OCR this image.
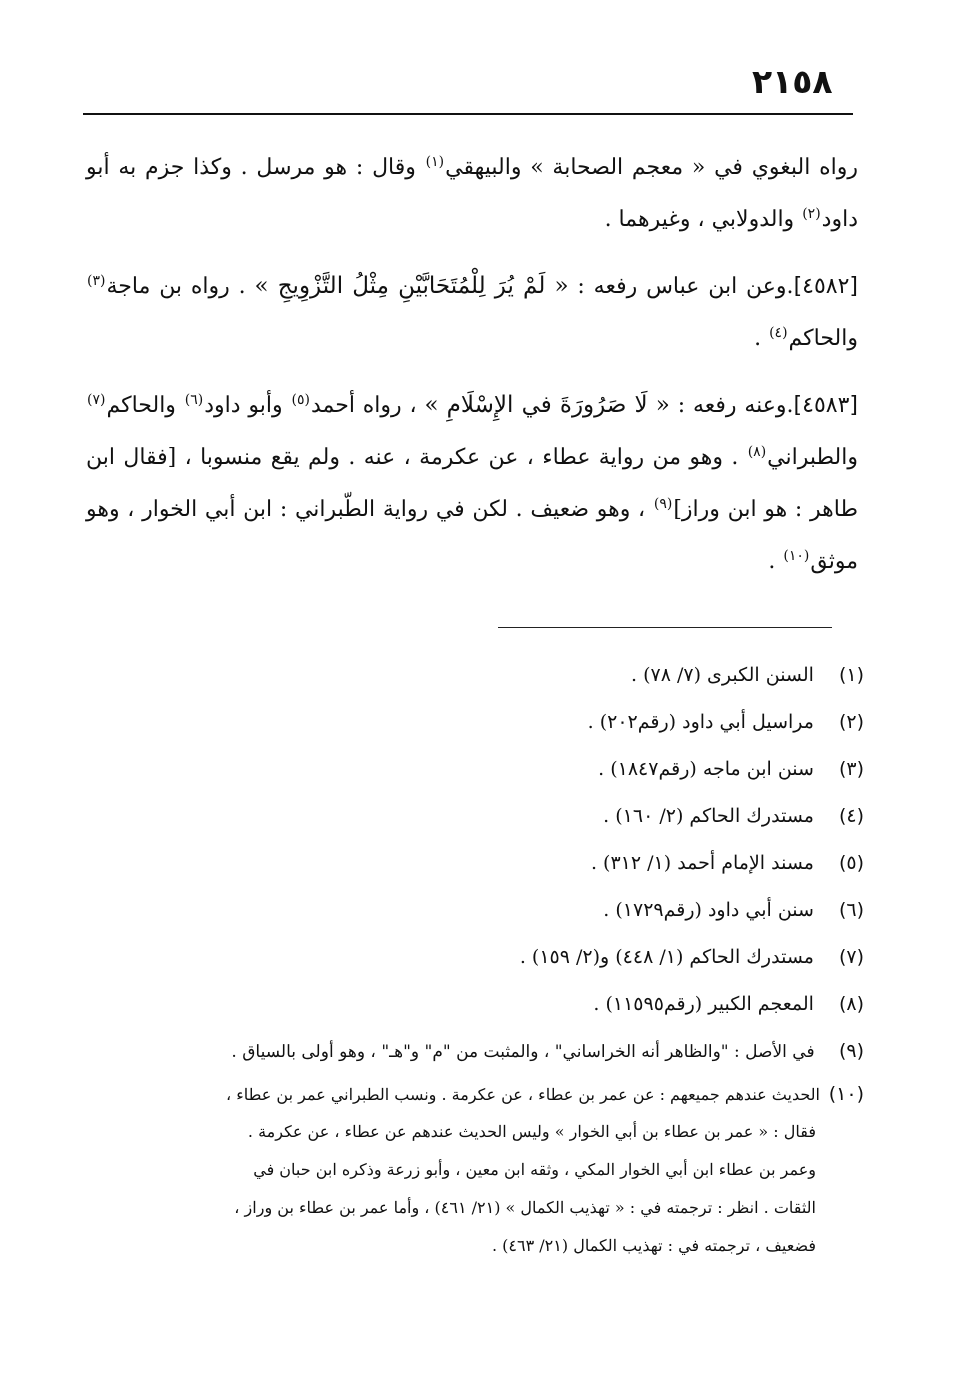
٢١٥٨

رواه البغوي في « معجم الصحابة » والبيهقي$^{(١)}$ وقال : هو مرسل . وكذا جزم به أبو داود$^{(٢)}$ والدولابي ، وغيرهما .

[٤٥٨٢].وعن ابن عباس رفعه : « لَمْ يُرَ لِلْمُتَحَابَّيْنِ مِثْلُ التَّزْوِيجِ » . رواه بن ماجة$^{(٣)}$ والحاكم$^{(٤)}$ .

[٤٥٨٣].وعنه رفعه : « لَا صَرُورَةَ في الإِسْلَامِ » ، رواه أحمد$^{(٥)}$ وأبو داود$^{(٦)}$ والحاكم$^{(٧)}$ والطبراني$^{(٨)}$ . وهو من رواية عطاء ، عن عكرمة ، عنه . ولم يقع منسوبا ، [فقال ابن طاهر : هو ابن وراز]$^{(٩)}$ ، وهو ضعيف . لكن في رواية الطّبراني : ابن أبي الخوار ، وهو موثق$^{(١٠)}$ .

(١) السنن الكبرى (٧/ ٧٨) .
(٢) مراسيل أبي داود (رقم٢٠٢) .
(٣) سنن ابن ماجه (رقم١٨٤٧) .
(٤) مستدرك الحاكم (٢/ ١٦٠) .
(٥) مسند الإمام أحمد (١/ ٣١٢) .
(٦) سنن أبي داود (رقم١٧٢٩) .
(٧) مستدرك الحاكم (١/ ٤٤٨) و(٢/ ١٥٩) .
(٨) المعجم الكبير (رقم١١٥٩٥) .
(٩) في الأصل : "والظاهر أنه الخراساني" ، والمثبت من "م" و"هـ" ، وهو أولى بالسياق .
(١٠)الحديث عندهم جميعهم : عن عمر بن عطاء ، عن عكرمة . ونسب الطبراني عمر بن عطاء ،
فقال : « عمر بن عطاء بن أبي الخوار » وليس الحديث عندهم عن عطاء ، عن عكرمة .
وعمر بن عطاء ابن أبي الخوار المكي ، وثقه ابن معين ، وأبو زرعة وذكره ابن حبان في
الثقات . انظر : ترجمته في : « تهذيب الكمال » (٢١/ ٤٦١) ، وأما عمر بن عطاء بن وراز ،
فضعيف ، ترجمته في : تهذيب الكمال (٢١/ ٤٦٣) .
